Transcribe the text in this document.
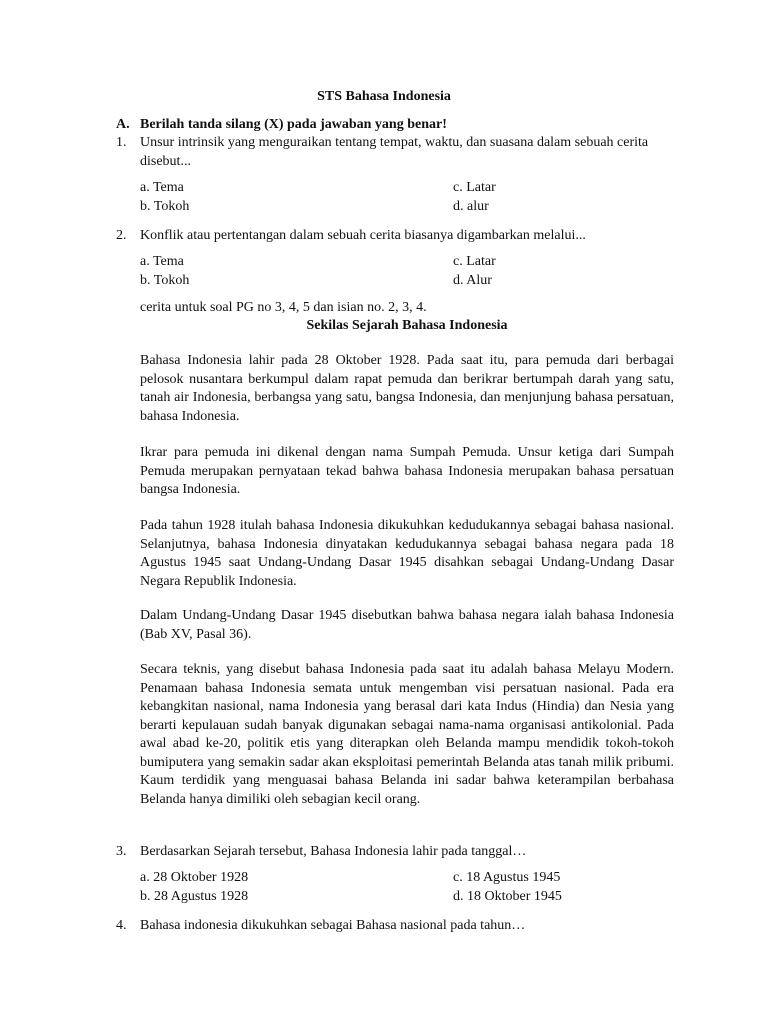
STS Bahasa Indonesia
A. Berilah tanda silang (X) pada jawaban yang benar!
1. Unsur intrinsik yang menguraikan tentang tempat, waktu, dan suasana dalam sebuah cerita disebut...
a. Tema	c. Latar
b. Tokoh	d. alur
2. Konflik atau pertentangan dalam sebuah cerita biasanya digambarkan melalui...
a. Tema	c. Latar
b. Tokoh	d. Alur
cerita untuk soal PG no 3, 4, 5 dan isian no. 2, 3, 4.
Sekilas Sejarah Bahasa Indonesia

Bahasa Indonesia lahir pada 28 Oktober 1928. Pada saat itu, para pemuda dari berbagai pelosok nusantara berkumpul dalam rapat pemuda dan berikrar bertumpah darah yang satu, tanah air Indonesia, berbangsa yang satu, bangsa Indonesia, dan menjunjung bahasa persatuan, bahasa Indonesia.

Ikrar para pemuda ini dikenal dengan nama Sumpah Pemuda. Unsur ketiga dari Sumpah Pemuda merupakan pernyataan tekad bahwa bahasa Indonesia merupakan bahasa persatuan bangsa Indonesia.

Pada tahun 1928 itulah bahasa Indonesia dikukuhkan kedudukannya sebagai bahasa nasional. Selanjutnya, bahasa Indonesia dinyatakan kedudukannya sebagai bahasa negara pada 18 Agustus 1945 saat Undang-Undang Dasar 1945 disahkan sebagai Undang-Undang Dasar Negara Republik Indonesia.

Dalam Undang-Undang Dasar 1945 disebutkan bahwa bahasa negara ialah bahasa Indonesia (Bab XV, Pasal 36).

Secara teknis, yang disebut bahasa Indonesia pada saat itu adalah bahasa Melayu Modern. Penamaan bahasa Indonesia semata untuk mengemban visi persatuan nasional. Pada era kebangkitan nasional, nama Indonesia yang berasal dari kata Indus (Hindia) dan Nesia yang berarti kepulauan sudah banyak digunakan sebagai nama-nama organisasi antikolonial. Pada awal abad ke-20, politik etis yang diterapkan oleh Belanda mampu mendidik tokoh-tokoh bumiputera yang semakin sadar akan eksploitasi pemerintah Belanda atas tanah milik pribumi. Kaum terdidik yang menguasai bahasa Belanda ini sadar bahwa keterampilan berbahasa Belanda hanya dimiliki oleh sebagian kecil orang.

3. Berdasarkan Sejarah tersebut, Bahasa Indonesia lahir pada tanggal…
a. 28 Oktober 1928	c. 18 Agustus 1945
b. 28 Agustus 1928	d. 18 Oktober 1945
4. Bahasa indonesia dikukuhkan sebagai Bahasa nasional pada tahun…
